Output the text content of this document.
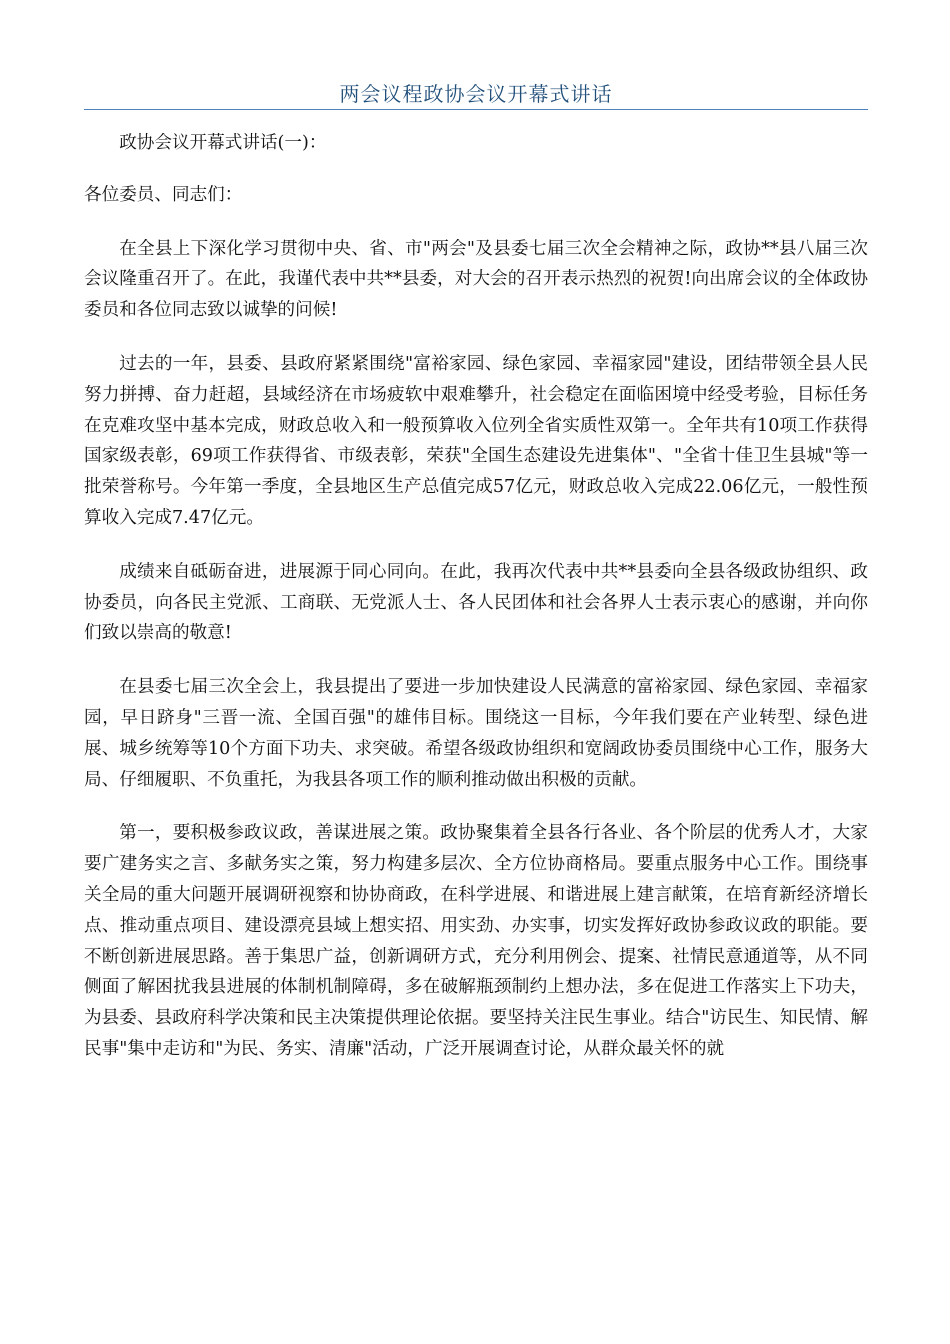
两会议程政协会议开幕式讲话

政协会议开幕式讲话(一)：

各位委员、同志们：

在全县上下深化学习贯彻中央、省、市"两会"及县委七届三次全会精神之际，政协**县八届三次会议隆重召开了。在此，我谨代表中共**县委，对大会的召开表示热烈的祝贺!向出席会议的全体政协委员和各位同志致以诚挚的问候!

过去的一年，县委、县政府紧紧围绕"富裕家园、绿色家园、幸福家园"建设，团结带领全县人民努力拼搏、奋力赶超，县域经济在市场疲软中艰难攀升，社会稳定在面临困境中经受考验，目标任务在克难攻坚中基本完成，财政总收入和一般预算收入位列全省实质性双第一。全年共有10项工作获得国家级表彰，69项工作获得省、市级表彰，荣获"全国生态建设先进集体"、"全省十佳卫生县城"等一批荣誉称号。今年第一季度，全县地区生产总值完成57亿元，财政总收入完成22.06亿元，一般性预算收入完成7.47亿元。

成绩来自砥砺奋进，进展源于同心同向。在此，我再次代表中共**县委向全县各级政协组织、政协委员，向各民主党派、工商联、无党派人士、各人民团体和社会各界人士表示衷心的感谢，并向你们致以崇高的敬意!

在县委七届三次全会上，我县提出了要进一步加快建设人民满意的富裕家园、绿色家园、幸福家园，早日跻身"三晋一流、全国百强"的雄伟目标。围绕这一目标，今年我们要在产业转型、绿色进展、城乡统筹等10个方面下功夫、求突破。希望各级政协组织和宽阔政协委员围绕中心工作，服务大局、仔细履职、不负重托，为我县各项工作的顺利推动做出积极的贡献。

第一，要积极参政议政，善谋进展之策。政协聚集着全县各行各业、各个阶层的优秀人才，大家要广建务实之言、多献务实之策，努力构建多层次、全方位协商格局。要重点服务中心工作。围绕事关全局的重大问题开展调研视察和协协商政，在科学进展、和谐进展上建言献策，在培育新经济增长点、推动重点项目、建设漂亮县域上想实招、用实劲、办实事，切实发挥好政协参政议政的职能。要不断创新进展思路。善于集思广益，创新调研方式，充分利用例会、提案、社情民意通道等，从不同侧面了解困扰我县进展的体制机制障碍，多在破解瓶颈制约上想办法，多在促进工作落实上下功夫，为县委、县政府科学决策和民主决策提供理论依据。要坚持关注民生事业。结合"访民生、知民情、解民事"集中走访和"为民、务实、清廉"活动，广泛开展调查讨论，从群众最关怀的就
